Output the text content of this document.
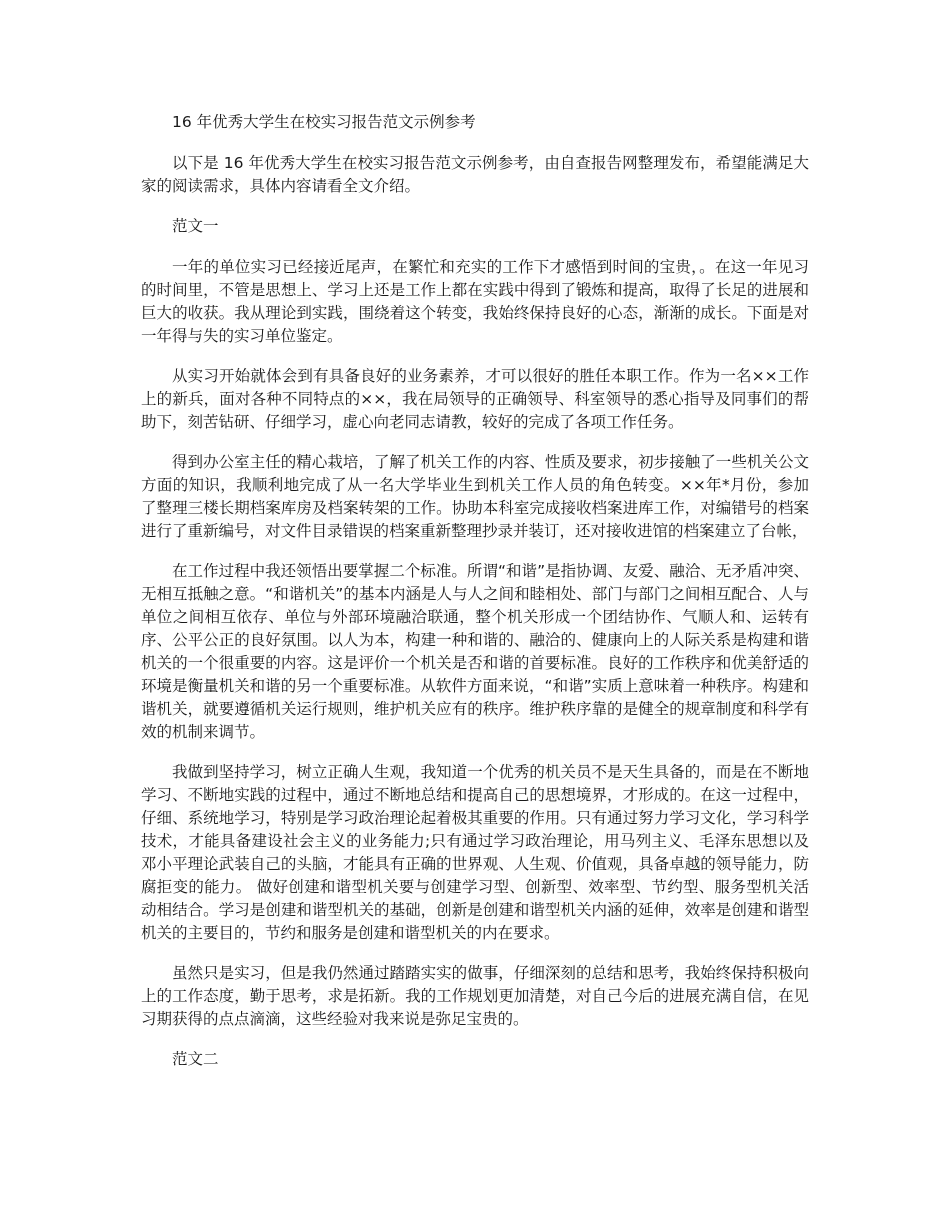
16 年优秀大学生在校实习报告范文示例参考

以下是 16 年优秀大学生在校实习报告范文示例参考，由自查报告网整理发布，希望能满足大家的阅读需求，具体内容请看全文介绍。

范文一

一年的单位实习已经接近尾声，在繁忙和充实的工作下才感悟到时间的宝贵，。在这一年见习的时间里，不管是思想上、学习上还是工作上都在实践中得到了锻炼和提高，取得了长足的进展和巨大的收获。我从理论到实践，围绕着这个转变，我始终保持良好的心态，渐渐的成长。下面是对一年得与失的实习单位鉴定。

从实习开始就体会到有具备良好的业务素养，才可以很好的胜任本职工作。作为一名××工作上的新兵，面对各种不同特点的××，我在局领导的正确领导、科室领导的悉心指导及同事们的帮助下，刻苦钻研、仔细学习，虚心向老同志请教，较好的完成了各项工作任务。

得到办公室主任的精心栽培，了解了机关工作的内容、性质及要求，初步接触了一些机关公文方面的知识，我顺利地完成了从一名大学毕业生到机关工作人员的角色转变。××年*月份，参加了整理三楼长期档案库房及档案转架的工作。协助本科室完成接收档案进库工作，对编错号的档案进行了重新编号，对文件目录错误的档案重新整理抄录并装订，还对接收进馆的档案建立了台帐，

在工作过程中我还领悟出要掌握二个标准。所谓“和谐”是指协调、友爱、融洽、无矛盾冲突、无相互抵触之意。“和谐机关”的基本内涵是人与人之间和睦相处、部门与部门之间相互配合、人与单位之间相互依存、单位与外部环境融洽联通，整个机关形成一个团结协作、气顺人和、运转有序、公平公正的良好氛围。以人为本，构建一种和谐的、融洽的、健康向上的人际关系是构建和谐机关的一个很重要的内容。这是评价一个机关是否和谐的首要标准。良好的工作秩序和优美舒适的环境是衡量机关和谐的另一个重要标准。从软件方面来说，“和谐”实质上意味着一种秩序。构建和谐机关，就要遵循机关运行规则，维护机关应有的秩序。维护秩序靠的是健全的规章制度和科学有效的机制来调节。

我做到坚持学习，树立正确人生观，我知道一个优秀的机关员不是天生具备的，而是在不断地学习、不断地实践的过程中，通过不断地总结和提高自己的思想境界，才形成的。在这一过程中，仔细、系统地学习，特别是学习政治理论起着极其重要的作用。只有通过努力学习文化，学习科学技术，才能具备建设社会主义的业务能力;只有通过学习政治理论，用马列主义、毛泽东思想以及邓小平理论武装自己的头脑，才能具有正确的世界观、人生观、价值观，具备卓越的领导能力，防腐拒变的能力。 做好创建和谐型机关要与创建学习型、创新型、效率型、节约型、服务型机关活动相结合。学习是创建和谐型机关的基础，创新是创建和谐型机关内涵的延伸，效率是创建和谐型机关的主要目的，节约和服务是创建和谐型机关的内在要求。

虽然只是实习，但是我仍然通过踏踏实实的做事，仔细深刻的总结和思考，我始终保持积极向上的工作态度，勤于思考，求是拓新。我的工作规划更加清楚，对自己今后的进展充满自信，在见习期获得的点点滴滴，这些经验对我来说是弥足宝贵的。

范文二
